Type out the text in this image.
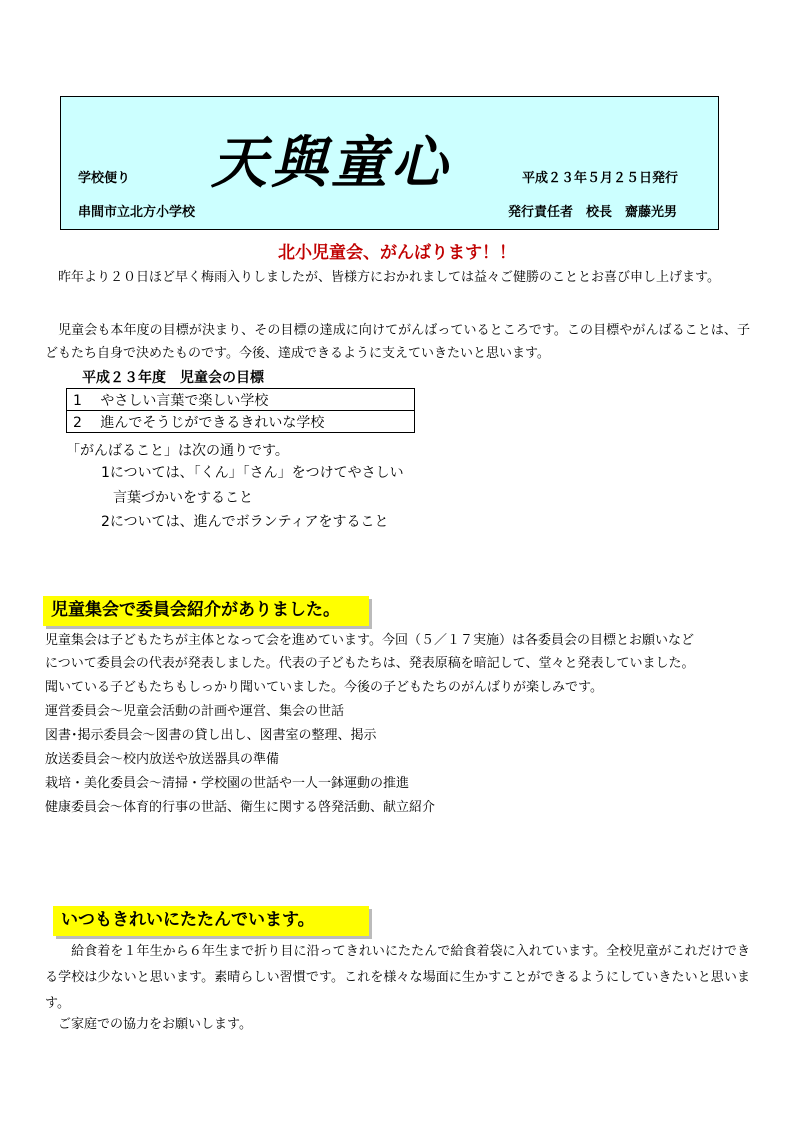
学校便り 天與童心
串間市立北方小学校
平成２３年５月２５日発行
発行責任者　校長　齋藤光男
北小児童会、がんばります！！
　昨年より２０日ほど早く梅雨入りしましたが、皆様方におかれましては益々ご健勝のこととお喜び申し上げます。
　児童会も本年度の目標が決まり、その目標の達成に向けてがんばっているところです。この目標やがんばることは、子どもたち自身で決めたものです。今後、達成できるように支えていきたいと思います。
平成２３年度　児童会の目標
1　 やさしい言葉で楽しい学校
2　 進んでそうじができるきれいな学校
「がんばること」は次の通りです。
1については、「くん」「さん」をつけてやさしい
言葉づかいをすること
2については、進んでボランティアをすること
児童集会で委員会紹介がありました。
児童集会は子どもたちが主体となって会を進めています。今回（５／１７実施）は各委員会の目標とお願いなど
について委員会の代表が発表しました。代表の子どもたちは、発表原稿を暗記して、堂々と発表していました。
聞いている子どもたちもしっかり聞いていました。今後の子どもたちのがんばりが楽しみです。
運営委員会～児童会活動の計画や運営、集会の世話
図書･掲示委員会～図書の貸し出し、図書室の整理、掲示
放送委員会～校内放送や放送器具の準備
栽培・美化委員会～清掃・学校園の世話や一人一鉢運動の推進
健康委員会～体育的行事の世話、衛生に関する啓発活動、献立紹介
いつもきれいにたたんでいます。
　　給食着を１年生から６年生まで折り目に沿ってきれいにたたんで給食着袋に入れています。全校児童がこれだけできる学校は少ないと思います。素晴らしい習慣です。これを様々な場面に生かすことができるようにしていきたいと思います。
　ご家庭での協力をお願いします。
